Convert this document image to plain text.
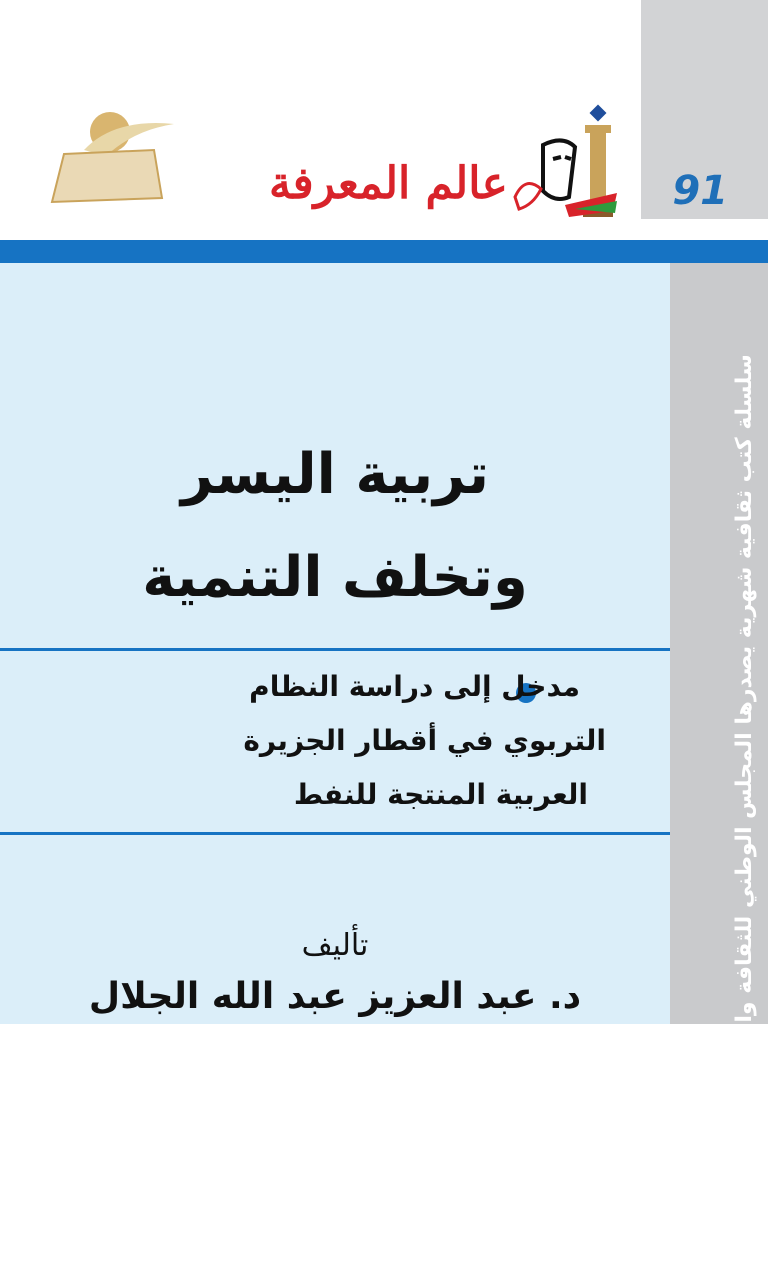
91
عالم المعرفة
سلسلة كتب ثقافية شهرية يصدرها المجلس الوطني للثقافة والفنون والآداب - الكويت
تربية اليسر
وتخلف التنمية
مدخل إلى دراسة النظام
التربوي في أقطار الجزيرة
العربية المنتجة للنفط
تأليف
د. عبد العزيز عبد الله الجلال
